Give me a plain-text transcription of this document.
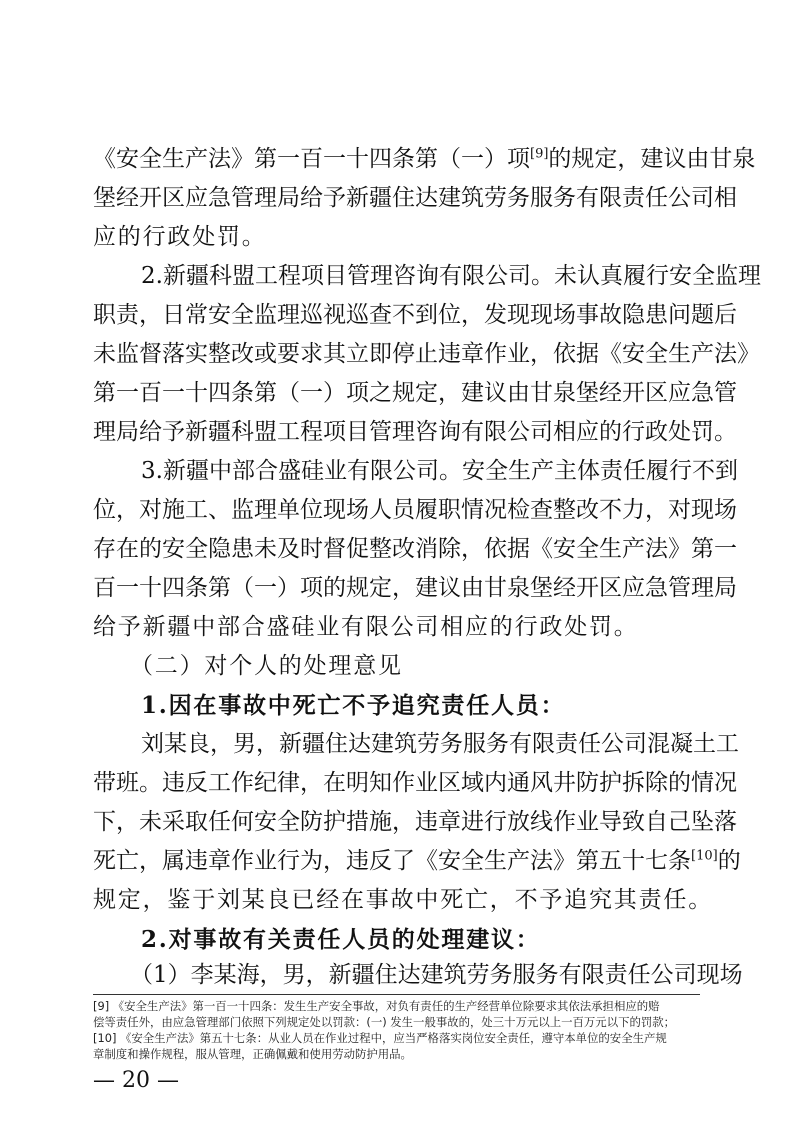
《安全生产法》第一百一十四条第（一）项[9]的规定，建议由甘泉
堡经开区应急管理局给予新疆住达建筑劳务服务有限责任公司相
应的行政处罚。
2.新疆科盟工程项目管理咨询有限公司。未认真履行安全监理
职责，日常安全监理巡视巡查不到位，发现现场事故隐患问题后
未监督落实整改或要求其立即停止违章作业，依据《安全生产法》
第一百一十四条第（一）项之规定，建议由甘泉堡经开区应急管
理局给予新疆科盟工程项目管理咨询有限公司相应的行政处罚。
3.新疆中部合盛硅业有限公司。安全生产主体责任履行不到
位，对施工、监理单位现场人员履职情况检查整改不力，对现场
存在的安全隐患未及时督促整改消除，依据《安全生产法》第一
百一十四条第（一）项的规定，建议由甘泉堡经开区应急管理局
给予新疆中部合盛硅业有限公司相应的行政处罚。
（二）对个人的处理意见
1.因在事故中死亡不予追究责任人员：
刘某良，男，新疆住达建筑劳务服务有限责任公司混凝土工
带班。违反工作纪律，在明知作业区域内通风井防护拆除的情况
下，未采取任何安全防护措施，违章进行放线作业导致自己坠落
死亡，属违章作业行为，违反了《安全生产法》第五十七条[10]的
规定，鉴于刘某良已经在事故中死亡，不予追究其责任。
2.对事故有关责任人员的处理建议：
（1）李某海，男，新疆住达建筑劳务服务有限责任公司现场
[9] 《安全生产法》第一百一十四条：发生生产安全事故，对负有责任的生产经营单位除要求其依法承担相应的赔
偿等责任外，由应急管理部门依照下列规定处以罚款：(一) 发生一般事故的，处三十万元以上一百万元以下的罚款；
[10] 《安全生产法》第五十七条：从业人员在作业过程中，应当严格落实岗位安全责任，遵守本单位的安全生产规
章制度和操作规程，服从管理，正确佩戴和使用劳动防护用品。
— 20 —
